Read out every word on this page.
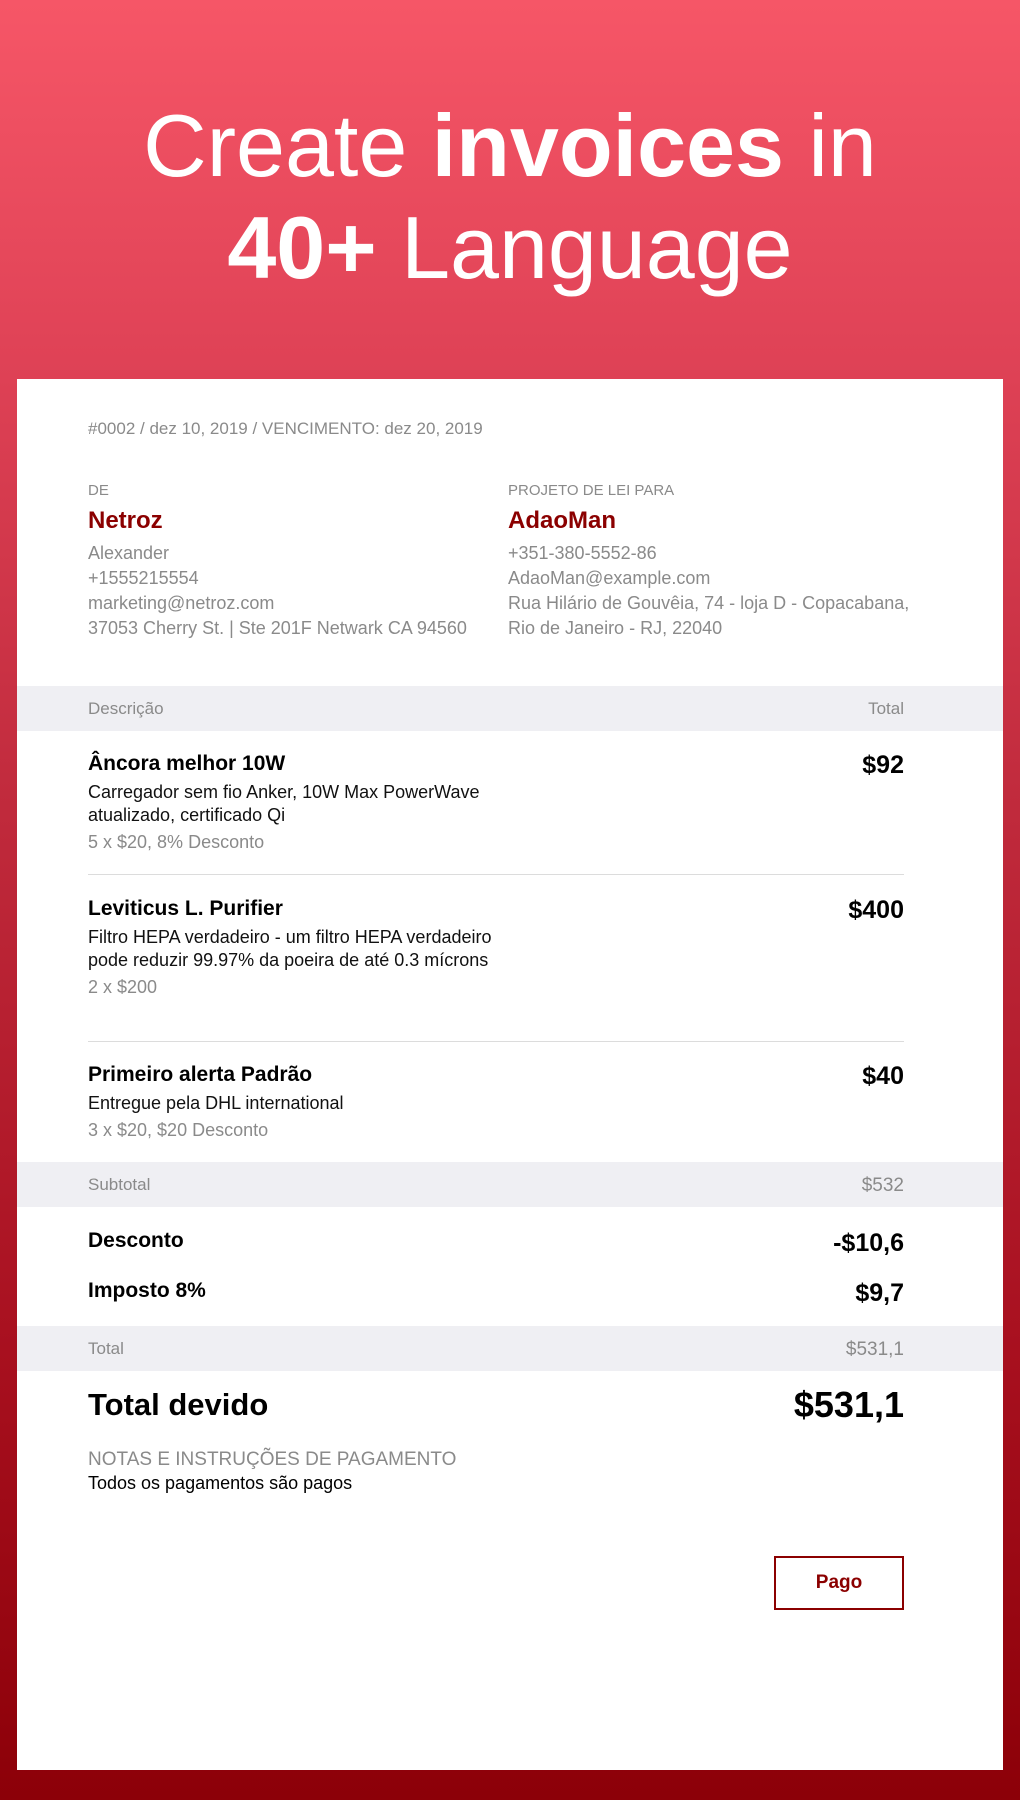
Create invoices in
40+ Language
#0002 / dez 10, 2019 / VENCIMENTO: dez 20, 2019
DE
Netroz
Alexander
+1555215554
marketing@netroz.com
37053 Cherry St. | Ste 201F Netwark CA 94560
PROJETO DE LEI PARA
AdaoMan
+351-380-5552-86
AdaoMan@example.com
Rua Hilário de Gouvêia, 74 - loja D - Copacabana,
Rio de Janeiro - RJ, 22040
Descrição	Total
Âncora melhor 10W
Carregador sem fio Anker, 10W Max PowerWave atualizado, certificado Qi
5 x $20, 8% Desconto
$92
Leviticus L. Purifier
Filtro HEPA verdadeiro - um filtro HEPA verdadeiro pode reduzir 99.97% da poeira de até 0.3 mícrons
2 x $200
$400
Primeiro alerta Padrão
Entregue pela DHL international
3 x $20, $20 Desconto
$40
Subtotal	$532
Desconto	-$10,6
Imposto 8%	$9,7
Total	$531,1
Total devido	$531,1
NOTAS E INSTRUÇÕES DE PAGAMENTO
Todos os pagamentos são pagos
Pago
